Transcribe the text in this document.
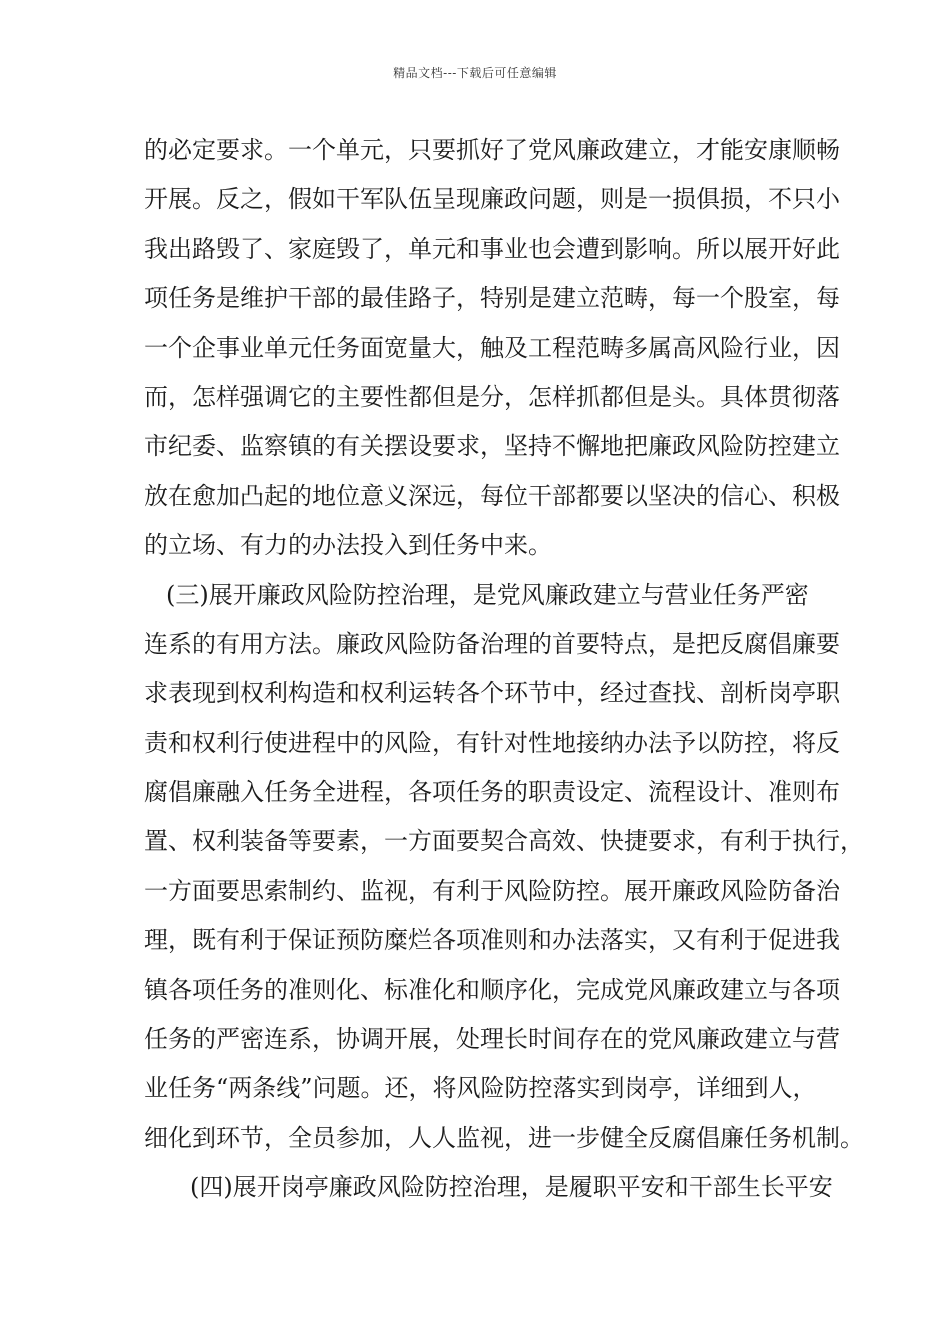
精品文档---下载后可任意编辑
的必定要求。一个单元，只要抓好了党风廉政建立，才能安康顺畅
开展。反之，假如干军队伍呈现廉政问题，则是一损俱损，不只小
我出路毁了、家庭毁了，单元和事业也会遭到影响。所以展开好此
项任务是维护干部的最佳路子，特别是建立范畴，每一个股室，每
一个企事业单元任务面宽量大，触及工程范畴多属高风险行业，因
而，怎样强调它的主要性都但是分，怎样抓都但是头。具体贯彻落
市纪委、监察镇的有关摆设要求，坚持不懈地把廉政风险防控建立
放在愈加凸起的地位意义深远，每位干部都要以坚决的信心、积极
的立场、有力的办法投入到任务中来。
(三)展开廉政风险防控治理，是党风廉政建立与营业任务严密
连系的有用方法。廉政风险防备治理的首要特点，是把反腐倡廉要
求表现到权利构造和权利运转各个环节中，经过查找、剖析岗亭职
责和权利行使进程中的风险，有针对性地接纳办法予以防控，将反
腐倡廉融入任务全进程，各项任务的职责设定、流程设计、准则布
置、权利装备等要素，一方面要契合高效、快捷要求，有利于执行，
一方面要思索制约、监视，有利于风险防控。展开廉政风险防备治
理，既有利于保证预防糜烂各项准则和办法落实，又有利于促进我
镇各项任务的准则化、标准化和顺序化，完成党风廉政建立与各项
任务的严密连系，协调开展，处理长时间存在的党风廉政建立与营
业任务“两条线”问题。还，将风险防控落实到岗亭，详细到人，
细化到环节，全员参加，人人监视，进一步健全反腐倡廉任务机制。
(四)展开岗亭廉政风险防控治理，是履职平安和干部生长平安
